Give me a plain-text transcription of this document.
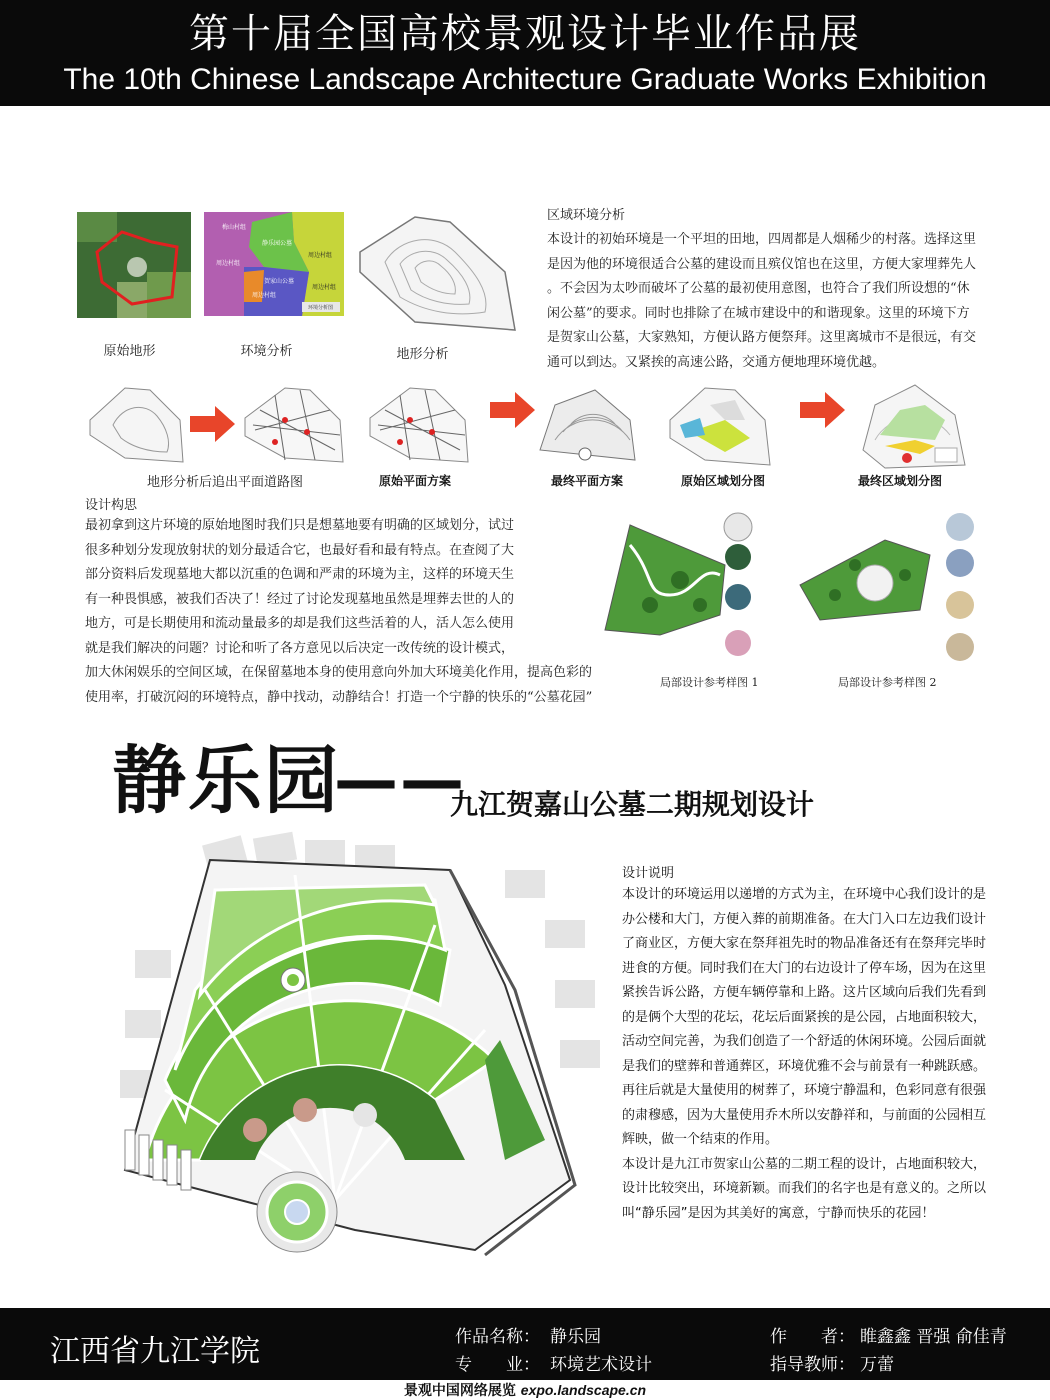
第十届全国高校景观设计毕业作品展
The 10th Chinese Landscape Architecture Graduate Works Exhibition
梅山村组
静乐园公墓
周边村组
周边村组
贺家山公墓
周边村组
周边村组
环境分析图
原始地形	环境分析	地形分析
区域环境分析
本设计的初始环境是一个平坦的田地，四周都是人烟稀少的村落。选择这里
是因为他的环境很适合公墓的建设而且殡仪馆也在这里，方便大家埋葬先人
。不会因为太吵而破坏了公墓的最初使用意图，也符合了我们所设想的“休
闲公墓”的要求。同时也排除了在城市建设中的和谐现象。这里的环境下方
是贺家山公墓，大家熟知，方便认路方便祭拜。这里离城市不是很远，有交
通可以到达。又紧挨的高速公路，交通方便地理环境优越。
地形分析后追出平面道路图	原始平面方案	最终平面方案	原始区域划分图	最终区域划分图
设计构思
最初拿到这片环境的原始地图时我们只是想墓地要有明确的区域划分，试过
很多种划分发现放射状的划分最适合它，也最好看和最有特点。在查阅了大
部分资料后发现墓地大都以沉重的色调和严肃的环境为主，这样的环境天生
有一种畏惧感，被我们否决了！经过了讨论发现墓地虽然是埋葬去世的人的
地方，可是长期使用和流动量最多的却是我们这些活着的人，活人怎么使用
就是我们解决的问题？讨论和听了各方意见以后决定一改传统的设计模式，
加大休闲娱乐的空间区域，在保留墓地本身的使用意向外加大环境美化作用，提高色彩的
使用率，打破沉闷的环境特点，静中找动，动静结合！打造一个宁静的快乐的“公墓花园”
局部设计参考样图 1	局部设计参考样图 2
静乐园
——
九江贺嘉山公墓二期规划设计
设计说明
本设计的环境运用以递增的方式为主，在环境中心我们设计的是
办公楼和大门，方便入葬的前期准备。在大门入口左边我们设计
了商业区，方便大家在祭拜祖先时的物品准备还有在祭拜完毕时
进食的方便。同时我们在大门的右边设计了停车场，因为在这里
紧挨告诉公路，方便车辆停靠和上路。这片区域向后我们先看到
的是俩个大型的花坛，花坛后面紧挨的是公园，占地面积较大，
活动空间完善，为我们创造了一个舒适的休闲环境。公园后面就
是我们的壁葬和普通葬区，环境优雅不会与前景有一种跳跃感。
再往后就是大量使用的树葬了，环境宁静温和，色彩同意有很强
的肃穆感，因为大量使用乔木所以安静祥和，与前面的公园相互
辉映，做一个结束的作用。
本设计是九江市贺家山公墓的二期工程的设计，占地面积较大，
设计比较突出，环境新颖。而我们的名字也是有意义的。之所以
叫“静乐园”是因为其美好的寓意，宁静而快乐的花园！
江西省九江学院	作品名称： 静乐园
专　　业： 环境艺术设计
作　　者： 睢鑫鑫 晋强 俞佳青
指导教师： 万蕾
景观中国网络展览 expo.landscape.cn
